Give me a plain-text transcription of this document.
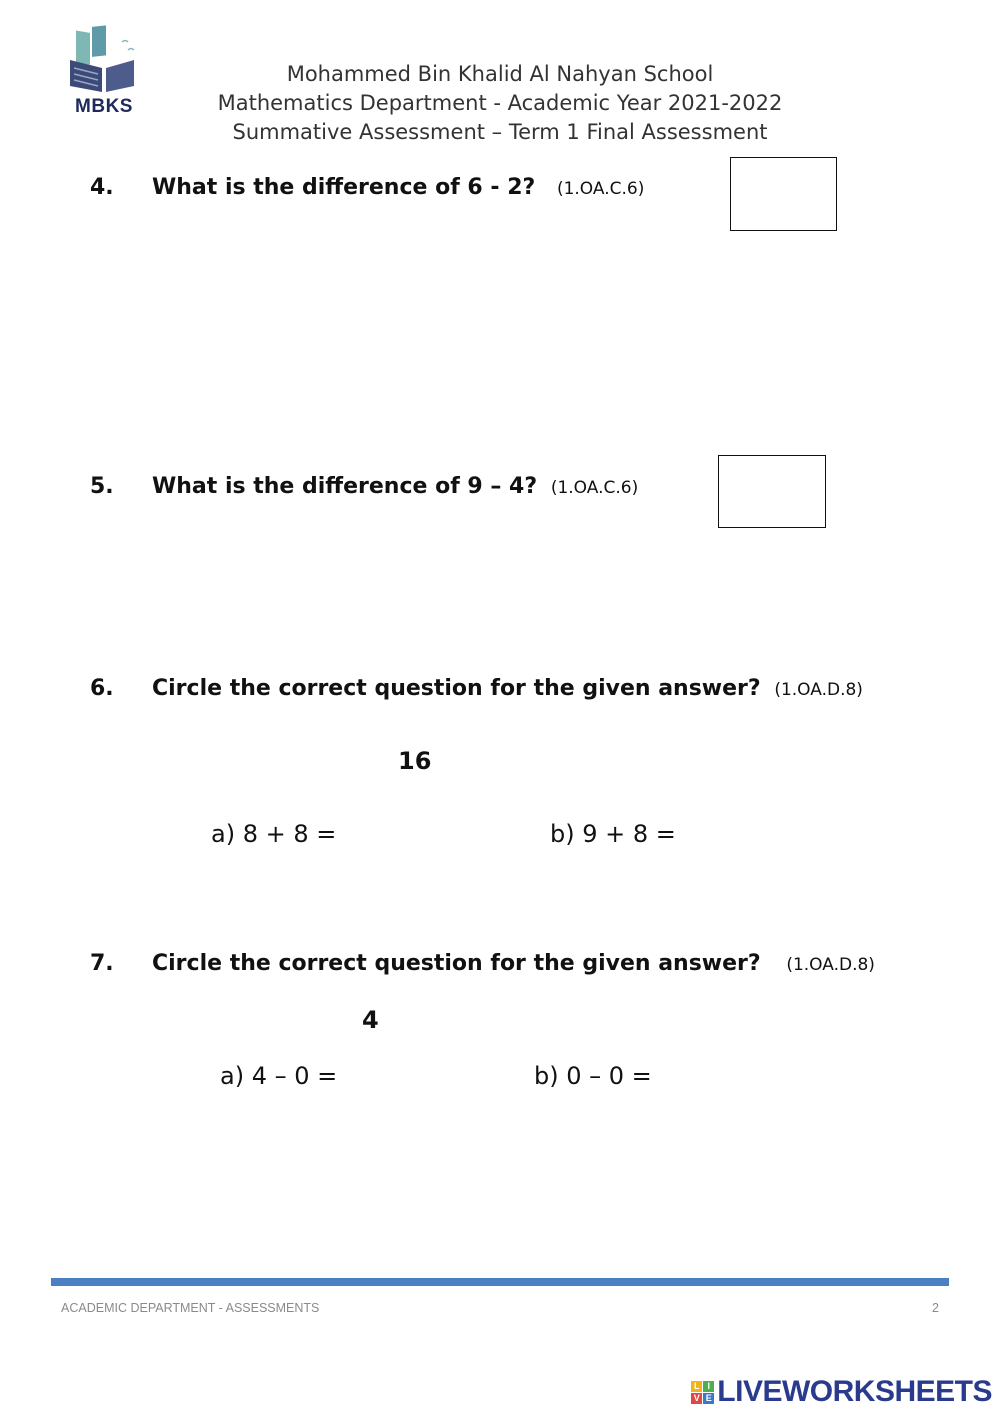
MBKS
Mohammed Bin Khalid Al Nahyan School
Mathematics Department - Academic Year 2021-2022
Summative Assessment – Term 1 Final Assessment
4. What is the difference of 6 - 2? (1.OA.C.6)
5. What is the difference of 9 – 4? (1.OA.C.6)
6. Circle the correct question for the given answer? (1.OA.D.8)
16
a) 8 + 8 =	b) 9 + 8 =
7. Circle the correct question for the given answer? (1.OA.D.8)
4
a) 4 – 0 =	b) 0 – 0 =
ACADEMIC DEPARTMENT - ASSESSMENTS	2
L I
V E LIVEWORKSHEETS
